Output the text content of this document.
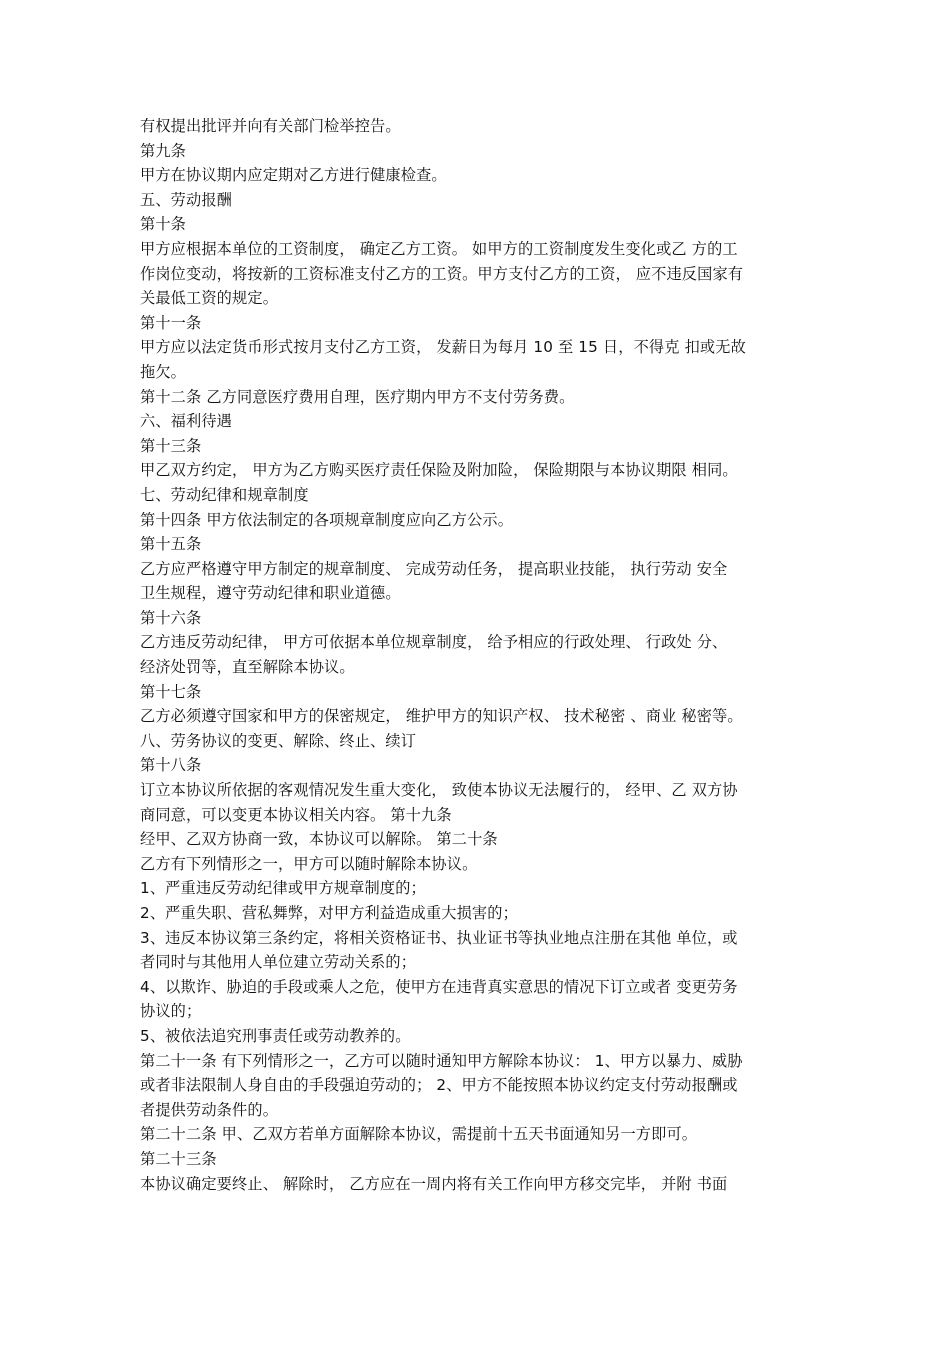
有权提出批评并向有关部门检举控告。
第九条
甲方在协议期内应定期对乙方进行健康检查。
五、劳动报酬
第十条
甲方应根据本单位的工资制度， 确定乙方工资。 如甲方的工资制度发生变化或乙 方的工
作岗位变动，将按新的工资标准支付乙方的工资。甲方支付乙方的工资， 应不违反国家有
关最低工资的规定。
第十一条
甲方应以法定货币形式按月支付乙方工资， 发薪日为每月 10 至 15 日，不得克 扣或无故
拖欠。
第十二条 乙方同意医疗费用自理，医疗期内甲方不支付劳务费。
六、福利待遇
第十三条
甲乙双方约定， 甲方为乙方购买医疗责任保险及附加险， 保险期限与本协议期限 相同。
七、劳动纪律和规章制度
第十四条 甲方依法制定的各项规章制度应向乙方公示。
第十五条
乙方应严格遵守甲方制定的规章制度、 完成劳动任务， 提高职业技能， 执行劳动 安全
卫生规程，遵守劳动纪律和职业道德。
第十六条
乙方违反劳动纪律， 甲方可依据本单位规章制度， 给予相应的行政处理、 行政处 分、
经济处罚等，直至解除本协议。
第十七条
乙方必须遵守国家和甲方的保密规定， 维护甲方的知识产权、 技术秘密 、商业 秘密等。
八、劳务协议的变更、解除、终止、续订
第十八条
订立本协议所依据的客观情况发生重大变化， 致使本协议无法履行的， 经甲、乙 双方协
商同意，可以变更本协议相关内容。 第十九条
经甲、乙双方协商一致，本协议可以解除。 第二十条
乙方有下列情形之一，甲方可以随时解除本协议。
1、严重违反劳动纪律或甲方规章制度的；
2、严重失职、营私舞弊，对甲方利益造成重大损害的；
3、违反本协议第三条约定，将相关资格证书、执业证书等执业地点注册在其他 单位，或
者同时与其他用人单位建立劳动关系的；
4、以欺诈、胁迫的手段或乘人之危，使甲方在违背真实意思的情况下订立或者 变更劳务
协议的；
5、被依法追究刑事责任或劳动教养的。
第二十一条 有下列情形之一，乙方可以随时通知甲方解除本协议： 1、甲方以暴力、威胁
或者非法限制人身自由的手段强迫劳动的； 2、甲方不能按照本协议约定支付劳动报酬或
者提供劳动条件的。
第二十二条 甲、乙双方若单方面解除本协议，需提前十五天书面通知另一方即可。
第二十三条
本协议确定要终止、 解除时， 乙方应在一周内将有关工作向甲方移交完毕， 并附 书面
